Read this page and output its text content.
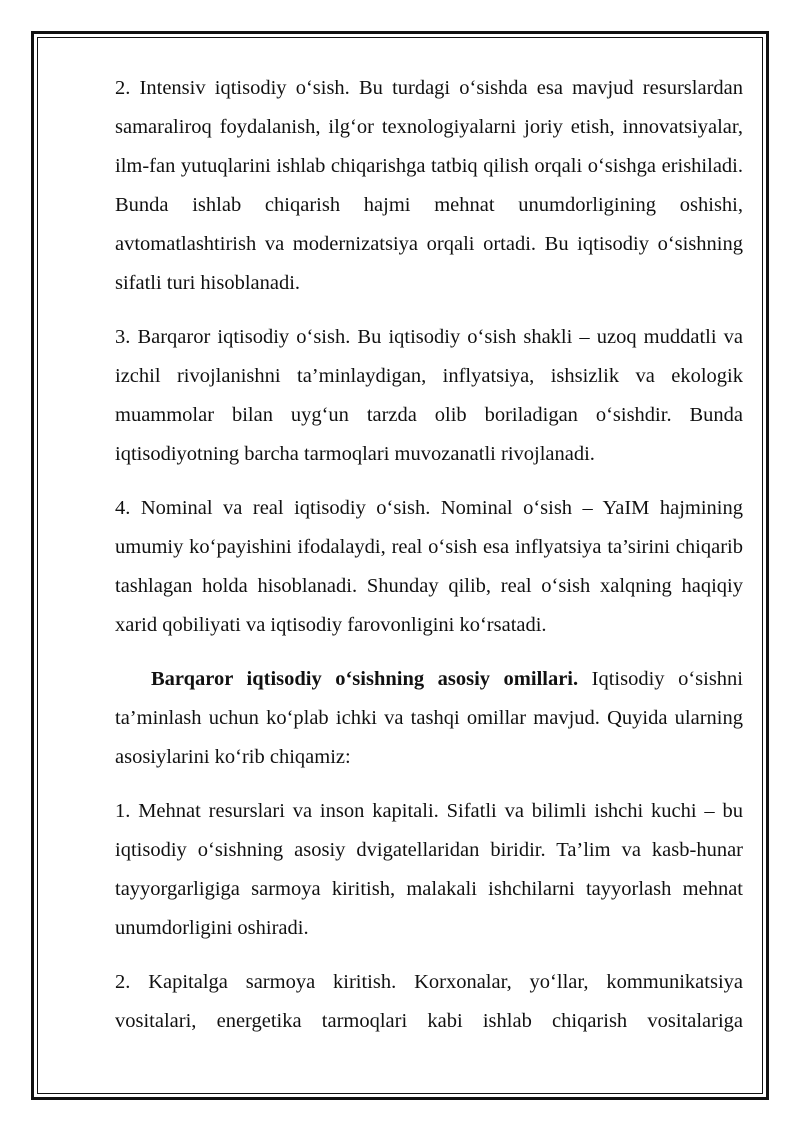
2. Intensiv iqtisodiy o‘sish. Bu turdagi o‘sishda esa mavjud resurslardan samaraliroq foydalanish, ilg‘or texnologiyalarni joriy etish, innovatsiyalar, ilm-fan yutuqlarini ishlab chiqarishga tatbiq qilish orqali o‘sishga erishiladi. Bunda ishlab chiqarish hajmi mehnat unumdorligining oshishi, avtomatlashtirish va modernizatsiya orqali ortadi. Bu iqtisodiy o‘sishning sifatli turi hisoblanadi.

3. Barqaror iqtisodiy o‘sish. Bu iqtisodiy o‘sish shakli – uzoq muddatli va izchil rivojlanishni ta’minlaydigan, inflyatsiya, ishsizlik va ekologik muammolar bilan uyg‘un tarzda olib boriladigan o‘sishdir. Bunda iqtisodiyotning barcha tarmoqlari muvozanatli rivojlanadi.

4. Nominal va real iqtisodiy o‘sish. Nominal o‘sish – YaIM hajmining umumiy ko‘payishini ifodalaydi, real o‘sish esa inflyatsiya ta’sirini chiqarib tashlagan holda hisoblanadi. Shunday qilib, real o‘sish xalqning haqiqiy xarid qobiliyati va iqtisodiy farovonligini ko‘rsatadi.

Barqaror iqtisodiy o‘sishning asosiy omillari. Iqtisodiy o‘sishni ta’minlash uchun ko‘plab ichki va tashqi omillar mavjud. Quyida ularning asosiylarini ko‘rib chiqamiz:

1. Mehnat resurslari va inson kapitali. Sifatli va bilimli ishchi kuchi – bu iqtisodiy o‘sishning asosiy dvigatellaridan biridir. Ta’lim va kasb-hunar tayyorgarligiga sarmoya kiritish, malakali ishchilarni tayyorlash mehnat unumdorligini oshiradi.

2. Kapitalga sarmoya kiritish. Korxonalar, yo‘llar, kommunikatsiya vositalari, energetika tarmoqlari kabi ishlab chiqarish vositalariga
